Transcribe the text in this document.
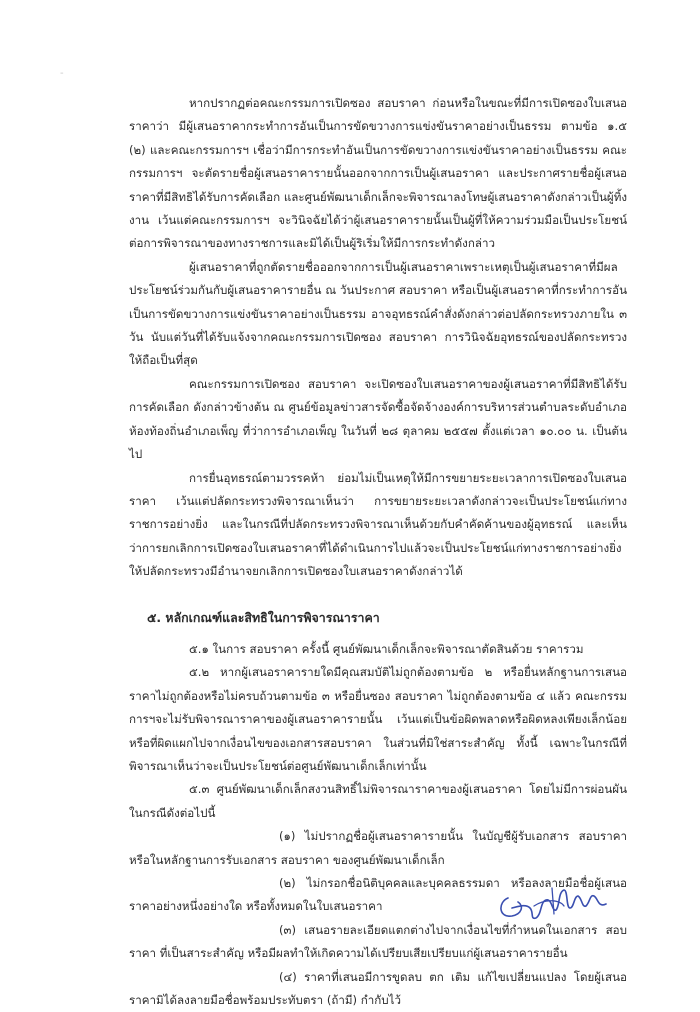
-

หากปรากฏต่อคณะกรรมการเปิดซอง สอบราคา ก่อนหรือในขณะที่มีการเปิดซองใบเสนอราคาว่า มีผู้เสนอราคากระทำการอันเป็นการขัดขวางการแข่งขันราคาอย่างเป็นธรรม ตามข้อ ๑.๕ (๒) และคณะกรรมการฯ เชื่อว่ามีการกระทำอันเป็นการขัดขวางการแข่งขันราคาอย่างเป็นธรรม คณะกรรมการฯ จะตัดรายชื่อผู้เสนอราคารายนั้นออกจากการเป็นผู้เสนอราคา และประกาศรายชื่อผู้เสนอราคาที่มีสิทธิได้รับการคัดเลือก และศูนย์พัฒนาเด็กเล็กจะพิจารณาลงโทษผู้เสนอราคาดังกล่าวเป็นผู้ทิ้งงาน เว้นแต่คณะกรรมการฯ จะวินิจฉัยได้ว่าผู้เสนอราคารายนั้นเป็นผู้ที่ให้ความร่วมมือเป็นประโยชน์ต่อการพิจารณาของทางราชการและมิได้เป็นผู้ริเริ่มให้มีการกระทำดังกล่าว

ผู้เสนอราคาที่ถูกตัดรายชื่อออกจากการเป็นผู้เสนอราคาเพราะเหตุเป็นผู้เสนอราคาที่มีผลประโยชน์ร่วมกันกับผู้เสนอราคารายอื่น ณ วันประกาศ สอบราคา หรือเป็นผู้เสนอราคาที่กระทำการอันเป็นการขัดขวางการแข่งขันราคาอย่างเป็นธรรม อาจอุทธรณ์คำสั่งดังกล่าวต่อปลัดกระทรวงภายใน ๓ วัน นับแต่วันที่ได้รับแจ้งจากคณะกรรมการเปิดซอง สอบราคา การวินิจฉัยอุทธรณ์ของปลัดกระทรวงให้ถือเป็นที่สุด

คณะกรรมการเปิดซอง สอบราคา จะเปิดซองใบเสนอราคาของผู้เสนอราคาที่มีสิทธิได้รับการคัดเลือก ดังกล่าวข้างต้น ณ ศูนย์ข้อมูลข่าวสารจัดซื้อจัดจ้างองค์การบริหารส่วนตำบลระดับอำเภอ ห้องท้องถิ่นอำเภอเพ็ญ ที่ว่าการอำเภอเพ็ญ ในวันที่ ๒๘ ตุลาคม ๒๕๕๗ ตั้งแต่เวลา ๑๐.๐๐ น. เป็นต้นไป

การยื่นอุทธรณ์ตามวรรคห้า ย่อมไม่เป็นเหตุให้มีการขยายระยะเวลาการเปิดซองใบเสนอราคา เว้นแต่ปลัดกระทรวงพิจารณาเห็นว่า การขยายระยะเวลาดังกล่าวจะเป็นประโยชน์แก่ทางราชการอย่างยิ่ง และในกรณีที่ปลัดกระทรวงพิจารณาเห็นด้วยกับคำคัดค้านของผู้อุทธรณ์ และเห็นว่าการยกเลิกการเปิดซองใบเสนอราคาที่ได้ดำเนินการไปแล้วจะเป็นประโยชน์แก่ทางราชการอย่างยิ่งให้ปลัดกระทรวงมีอำนาจยกเลิกการเปิดซองใบเสนอราคาดังกล่าวได้

๕. หลักเกณฑ์และสิทธิในการพิจารณาราคา

๕.๑ ในการ สอบราคา ครั้งนี้ ศูนย์พัฒนาเด็กเล็กจะพิจารณาตัดสินด้วย ราคารวม

๕.๒ หากผู้เสนอราคารายใดมีคุณสมบัติไม่ถูกต้องตามข้อ ๒ หรือยื่นหลักฐานการเสนอราคาไม่ถูกต้องหรือไม่ครบถ้วนตามข้อ ๓ หรือยื่นซอง สอบราคา ไม่ถูกต้องตามข้อ ๔ แล้ว คณะกรรมการฯจะไม่รับพิจารณาราคาของผู้เสนอราคารายนั้น เว้นแต่เป็นข้อผิดพลาดหรือผิดหลงเพียงเล็กน้อย หรือที่ผิดแผกไปจากเงื่อนไขของเอกสารสอบราคา ในส่วนที่มิใช่สาระสำคัญ ทั้งนี้ เฉพาะในกรณีที่พิจารณาเห็นว่าจะเป็นประโยชน์ต่อศูนย์พัฒนาเด็กเล็กเท่านั้น

๕.๓ ศูนย์พัฒนาเด็กเล็กสงวนสิทธิ์ไม่พิจารณาราคาของผู้เสนอราคา โดยไม่มีการผ่อนผันในกรณีดังต่อไปนี้

(๑) ไม่ปรากฏชื่อผู้เสนอราคารายนั้น ในบัญชีผู้รับเอกสาร สอบราคา หรือในหลักฐานการรับเอกสาร สอบราคา ของศูนย์พัฒนาเด็กเล็ก

(๒) ไม่กรอกชื่อนิติบุคคลและบุคคลธรรมดา หรือลงลายมือชื่อผู้เสนอราคาอย่างหนึ่งอย่างใด หรือทั้งหมดในใบเสนอราคา

(๓) เสนอรายละเอียดแตกต่างไปจากเงื่อนไขที่กำหนดในเอกสาร สอบราคา ที่เป็นสาระสำคัญ หรือมีผลทำให้เกิดความได้เปรียบเสียเปรียบแก่ผู้เสนอราคารายอื่น

(๔) ราคาที่เสนอมีการขูดลบ ตก เติม แก้ไขเปลี่ยนแปลง โดยผู้เสนอราคามิได้ลงลายมือชื่อพร้อมประทับตรา (ถ้ามี) กำกับไว้
